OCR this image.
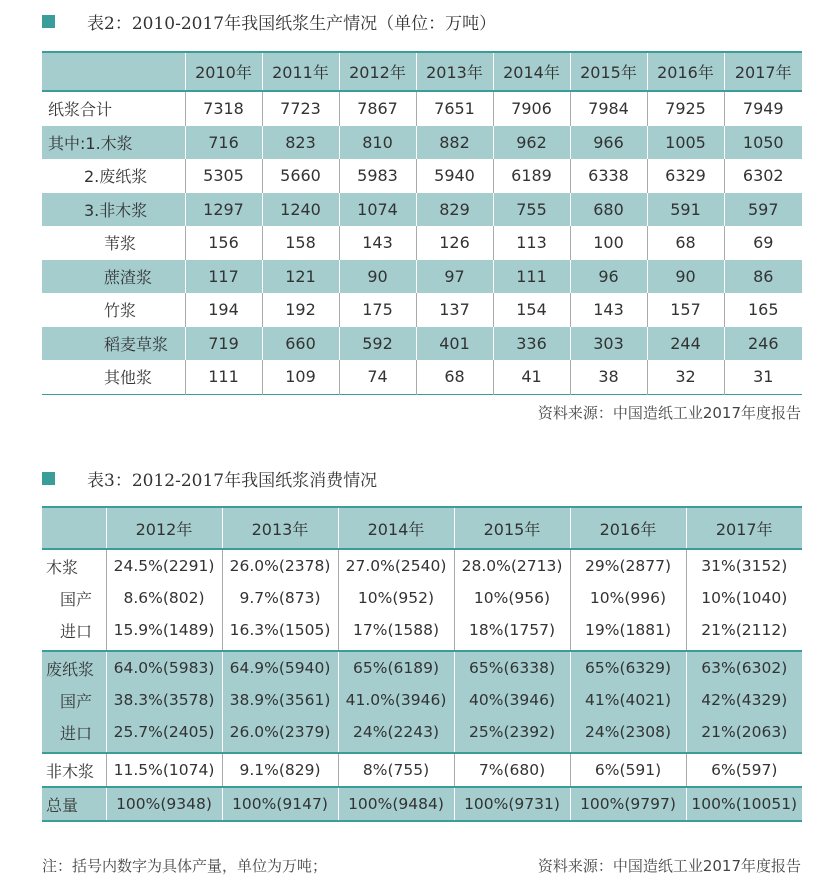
表2：2010-2017年我国纸浆生产情况（单位：万吨）
	2010年	2011年	2012年	2013年	2014年	2015年	2016年	2017年
纸浆合计	7318	7723	7867	7651	7906	7984	7925	7949
其中:1.木浆	716	823	810	882	962	966	1005	1050
2.废纸浆	5305	5660	5983	5940	6189	6338	6329	6302
3.非木浆	1297	1240	1074	829	755	680	591	597
苇浆	156	158	143	126	113	100	68	69
蔗渣浆	117	121	90	97	111	96	90	86
竹浆	194	192	175	137	154	143	157	165
稻麦草浆	719	660	592	401	336	303	244	246
其他浆	111	109	74	68	41	38	32	31
资料来源：中国造纸工业2017年度报告
表3：2012-2017年我国纸浆消费情况
	2012年	2013年	2014年	2015年	2016年	2017年
木浆	24.5%(2291)	26.0%(2378)	27.0%(2540)	28.0%(2713)	29%(2877)	31%(3152)
国产	8.6%(802)	9.7%(873)	10%(952)	10%(956)	10%(996)	10%(1040)
进口	15.9%(1489)	16.3%(1505)	17%(1588)	18%(1757)	19%(1881)	21%(2112)

废纸浆	64.0%(5983)	64.9%(5940)	65%(6189)	65%(6338)	65%(6329)	63%(6302)
国产	38.3%(3578)	38.9%(3561)	41.0%(3946)	40%(3946)	41%(4021)	42%(4329)
进口	25.7%(2405)	26.0%(2379)	24%(2243)	25%(2392)	24%(2308)	21%(2063)

非木浆	11.5%(1074)	9.1%(829)	8%(755)	7%(680)	6%(591)	6%(597)
总量	100%(9348)	100%(9147)	100%(9484)	100%(9731)	100%(9797)	100%(10051)
注：括号内数字为具体产量，单位为万吨；	资料来源：中国造纸工业2017年度报告
